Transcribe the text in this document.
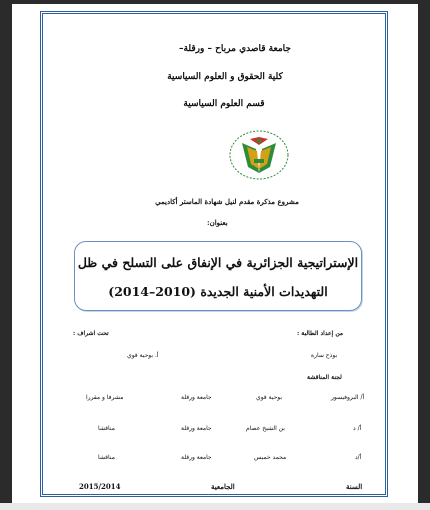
جامعة قاصدي مرباح – ورقلة–
كلية الحقوق و العلوم السياسية
قسم العلوم السياسية
مشروع مذكرة مقدم لنيل شهادة الماستر أكاديمي
بعنوان:
الإستراتيجية الجزائرية في الإنفاق على التسلح في ظل
التهديدات الأمنية الجديدة (2010–2014)
من إعداد الطالبة :
تحت اشراف :
بوذح سارة
أ. بوحية قوي
لجنة المناقشة
أ/ البروفيسور
بوحية قوي
جامعة ورقلة
مشرفا و مقررا
أ/ د
بن الشيخ عصام
جامعة ورقلة
مناقشا
أ/د
محمد خميس
جامعة ورقلة
مناقشا
السنة
الجامعية
2015/2014
